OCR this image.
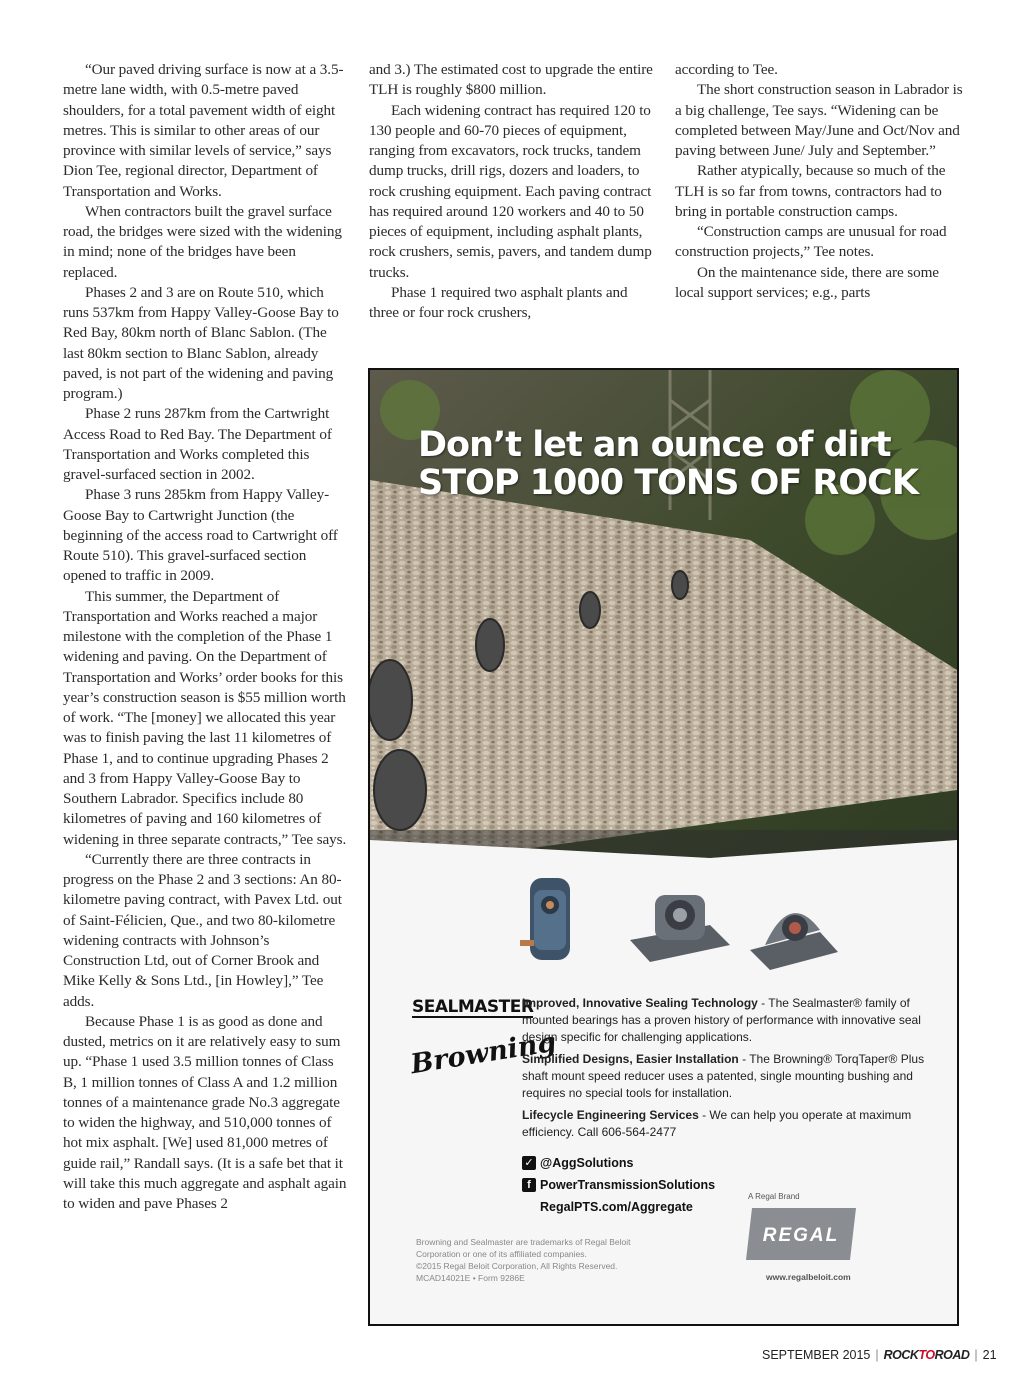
“Our paved driving surface is now at a 3.5-metre lane width, with 0.5-metre paved shoulders, for a total pavement width of eight metres. This is similar to other areas of our province with similar levels of service,” says Dion Tee, regional director, Department of Transportation and Works.

When contractors built the gravel surface road, the bridges were sized with the widening in mind; none of the bridges have been replaced.

Phases 2 and 3 are on Route 510, which runs 537km from Happy Valley-Goose Bay to Red Bay, 80km north of Blanc Sablon. (The last 80km section to Blanc Sablon, already paved, is not part of the widening and paving program.)

Phase 2 runs 287km from the Cartwright Access Road to Red Bay. The Department of Transportation and Works completed this gravel-surfaced section in 2002.

Phase 3 runs 285km from Happy Valley-Goose Bay to Cartwright Junction (the beginning of the access road to Cartwright off Route 510). This gravel-surfaced section opened to traffic in 2009.

This summer, the Department of Transportation and Works reached a major milestone with the completion of the Phase 1 widening and paving. On the Department of Transportation and Works’ order books for this year’s construction season is $55 million worth of work. “The [money] we allocated this year was to finish paving the last 11 kilometres of Phase 1, and to continue upgrading Phases 2 and 3 from Happy Valley-Goose Bay to Southern Labrador. Specifics include 80 kilometres of paving and 160 kilometres of widening in three separate contracts,” Tee says.

“Currently there are three contracts in progress on the Phase 2 and 3 sections: An 80-kilometre paving contract, with Pavex Ltd. out of Saint-Félicien, Que., and two 80-kilometre widening contracts with Johnson’s Construction Ltd, out of Corner Brook and Mike Kelly & Sons Ltd., [in Howley],” Tee adds.

Because Phase 1 is as good as done and dusted, metrics on it are relatively easy to sum up. “Phase 1 used 3.5 million tonnes of Class B, 1 million tonnes of Class A and 1.2 million tonnes of a maintenance grade No.3 aggregate to widen the highway, and 510,000 tonnes of hot mix asphalt. [We] used 81,000 metres of guide rail,” Randall says. (It is a safe bet that it will take this much aggregate and asphalt again to widen and pave Phases 2

and 3.) The estimated cost to upgrade the entire TLH is roughly $800 million.

Each widening contract has required 120 to 130 people and 60-70 pieces of equipment, ranging from excavators, rock trucks, tandem dump trucks, drill rigs, dozers and loaders, to rock crushing equipment. Each paving contract has required around 120 workers and 40 to 50 pieces of equipment, including asphalt plants, rock crushers, semis, pavers, and tandem dump trucks.

Phase 1 required two asphalt plants and three or four rock crushers,

according to Tee.

The short construction season in Labrador is a big challenge, Tee says. “Widening can be completed between May/June and Oct/Nov and paving between June/ July and September.”

Rather atypically, because so much of the TLH is so far from towns, contractors had to bring in portable construction camps.

“Construction camps are unusual for road construction projects,” Tee notes.

On the maintenance side, there are some local support services; e.g., parts

Don’t let an ounce of dirt
STOP 1000 TONS OF ROCK
SEALMASTER
Browning
Improved, Innovative Sealing Technology - The Sealmaster® family of mounted bearings has a proven history of performance with innovative seal design specific for challenging applications.
Simplified Designs, Easier Installation - The Browning® TorqTaper® Plus shaft mount speed reducer uses a patented, single mounting bushing and requires no special tools for installation.
Lifecycle Engineering Services - We can help you operate at maximum efficiency. Call 606-564-2477
✓ @AggSolutions
f PowerTransmissionSolutions
RegalPTS.com/Aggregate
A Regal Brand
REGAL
www.regalbeloit.com
Browning and Sealmaster are trademarks of Regal Beloit
Corporation or one of its affiliated companies.
©2015 Regal Beloit Corporation, All Rights Reserved.
MCAD14021E • Form 9286E
SEPTEMBER 2015 | ROCKTOROAD | 21
